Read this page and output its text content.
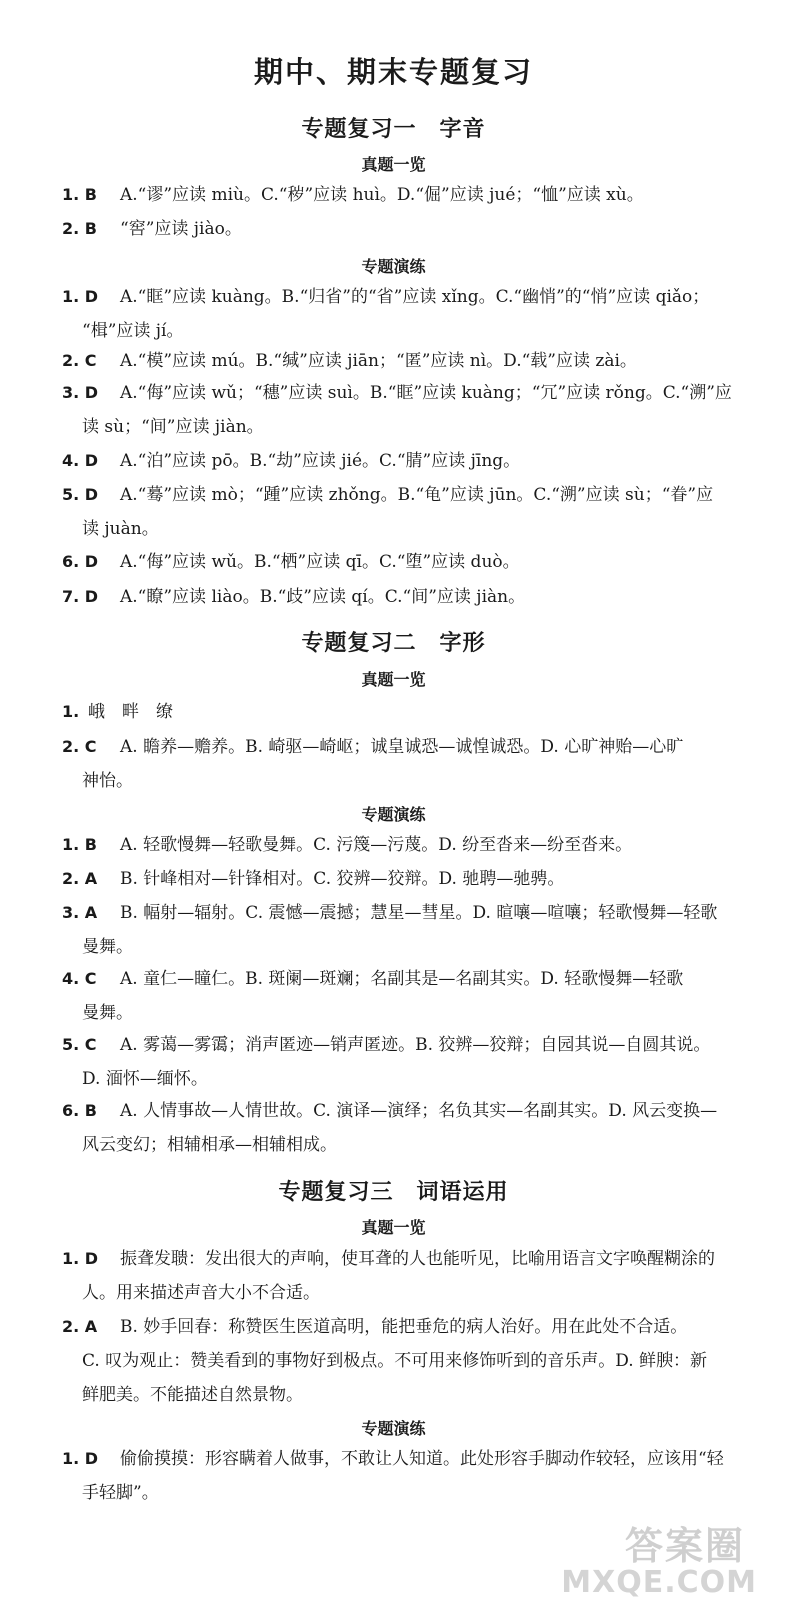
期中、期末专题复习
专题复习一　字音
真题一览
1. B	A.“谬”应读 miù。C.“秽”应读 huì。D.“倔”应读 jué；“恤”应读 xù。
2. B	“窖”应读 jiào。
专题演练
1. D	A.“眶”应读 kuàng。B.“归省”的“省”应读 xǐng。C.“幽悄”的“悄”应读 qiǎo；
“楫”应读 jí。
2. C	A.“模”应读 mú。B.“缄”应读 jiān；“匿”应读 nì。D.“载”应读 zài。
3. D	A.“侮”应读 wǔ；“穗”应读 suì。B.“眶”应读 kuàng；“冗”应读 rǒng。C.“溯”应
读 sù；“间”应读 jiàn。
4. D	A.“泊”应读 pō。B.“劫”应读 jié。C.“腈”应读 jīng。
5. D	A.“蓦”应读 mò；“踵”应读 zhǒng。B.“龟”应读 jūn。C.“溯”应读 sù；“眷”应
读 juàn。
6. D	A.“侮”应读 wǔ。B.“栖”应读 qī。C.“堕”应读 duò。
7. D	A.“瞭”应读 liào。B.“歧”应读 qí。C.“间”应读 jiàn。
专题复习二　字形
真题一览
1. 峨　畔　缭
2. C	A. 瞻养—赡养。B. 崎驱—崎岖；诚皇诚恐—诚惶诚恐。D. 心旷神贻—心旷
神怡。
专题演练
1. B	A. 轻歌慢舞—轻歌曼舞。C. 污篾—污蔑。D. 纷至沓来—纷至沓来。
2. A	B. 针峰相对—针锋相对。C. 狡辨—狡辩。D. 驰聘—驰骋。
3. A	B. 幅射—辐射。C. 震憾—震撼；慧星—彗星。D. 暄嚷—喧嚷；轻歌慢舞—轻歌
曼舞。
4. C	A. 童仁—瞳仁。B. 斑阑—斑斓；名副其是—名副其实。D. 轻歌慢舞—轻歌
曼舞。
5. C	A. 雾蔼—雾霭；消声匿迹—销声匿迹。B. 狡辨—狡辩；自园其说—自圆其说。
D. 湎怀—缅怀。
6. B	A. 人情事故—人情世故。C. 演译—演绎；名负其实—名副其实。D. 风云变换—
风云变幻；相辅相承—相辅相成。
专题复习三　词语运用
真题一览
1. D	振聋发聩：发出很大的声响，使耳聋的人也能听见，比喻用语言文字唤醒糊涂的
人。用来描述声音大小不合适。
2. A	B. 妙手回春：称赞医生医道高明，能把垂危的病人治好。用在此处不合适。
C. 叹为观止：赞美看到的事物好到极点。不可用来修饰听到的音乐声。D. 鲜腴：新
鲜肥美。不能描述自然景物。
专题演练
1. D	偷偷摸摸：形容瞒着人做事，不敢让人知道。此处形容手脚动作较轻，应该用“轻
手轻脚”。
答案圈
MXQE.COM
